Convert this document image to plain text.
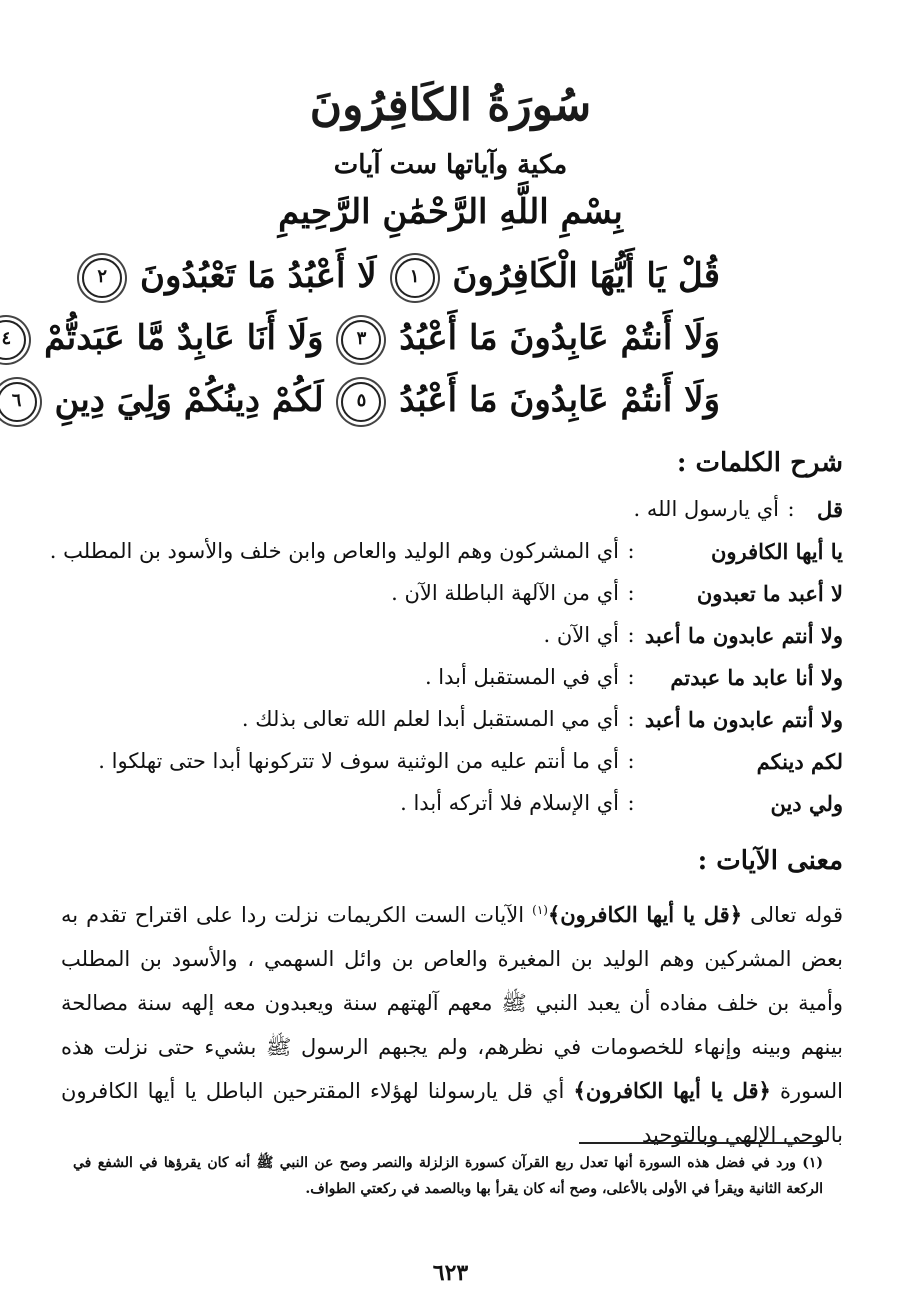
سُورَةُ الكَافِرُونَ
مكية وآياتها ست آيات
بِسْمِ اللَّهِ الرَّحْمَٰنِ الرَّحِيمِ
قُلْ يَا أَيُّهَا الْكَافِرُونَ ١ لَا أَعْبُدُ مَا تَعْبُدُونَ ٢
وَلَا أَنتُمْ عَابِدُونَ مَا أَعْبُدُ ٣ وَلَا أَنَا عَابِدٌ مَّا عَبَدتُّمْ ٤
وَلَا أَنتُمْ عَابِدُونَ مَا أَعْبُدُ ٥ لَكُمْ دِينُكُمْ وَلِيَ دِينِ ٦
شرح الكلمات :
قل
:
أي يارسول الله .
يا أيها الكافرون
:
أي المشركون وهم الوليد والعاص وابن خلف والأسود بن المطلب .
لا أعبد ما تعبدون
:
أي من الآلهة الباطلة الآن .
ولا أنتم عابدون ما أعبد
:
أي الآن .
ولا أنا عابد ما عبدتم
:
أي في المستقبل أبدا .
ولا أنتم عابدون ما أعبد
:
أي مي المستقبل أبدا لعلم الله تعالى بذلك .
لكم دينكم
:
أي ما أنتم عليه من الوثنية سوف لا تتركونها أبدا حتى تهلكوا .
ولي دين
:
أي الإسلام فلا أتركه أبدا .
معنى الآيات :
قوله تعالى ﴿قل يا أيها الكافرون﴾$^{(١)}$ الآيات الست الكريمات نزلت ردا على اقتراح تقدم به بعض المشركين وهم الوليد بن المغيرة والعاص بن وائل السهمي ، والأسود بن المطلب وأمية بن خلف مفاده أن يعبد النبي ﷺ معهم آلهتهم سنة ويعبدون معه إلهه سنة مصالحة بينهم وبينه وإنهاء للخصومات في نظرهم، ولم يجبهم الرسول ﷺ بشيء حتى نزلت هذه السورة ﴿قل يا أيها الكافرون﴾ أي قل يارسولنا لهؤلاء المقترحين الباطل يا أيها الكافرون بالوحي الإلهي وبالتوحيد
(١) ورد في فضل هذه السورة أنها تعدل ربع القرآن كسورة الزلزلة والنصر وصح عن النبي ﷺ أنه كان يقرؤها في الشفع في الركعة الثانية ويقرأ في الأولى بالأعلى، وصح أنه كان يقرأ بها وبالصمد في ركعتي الطواف.
٦٢٣
